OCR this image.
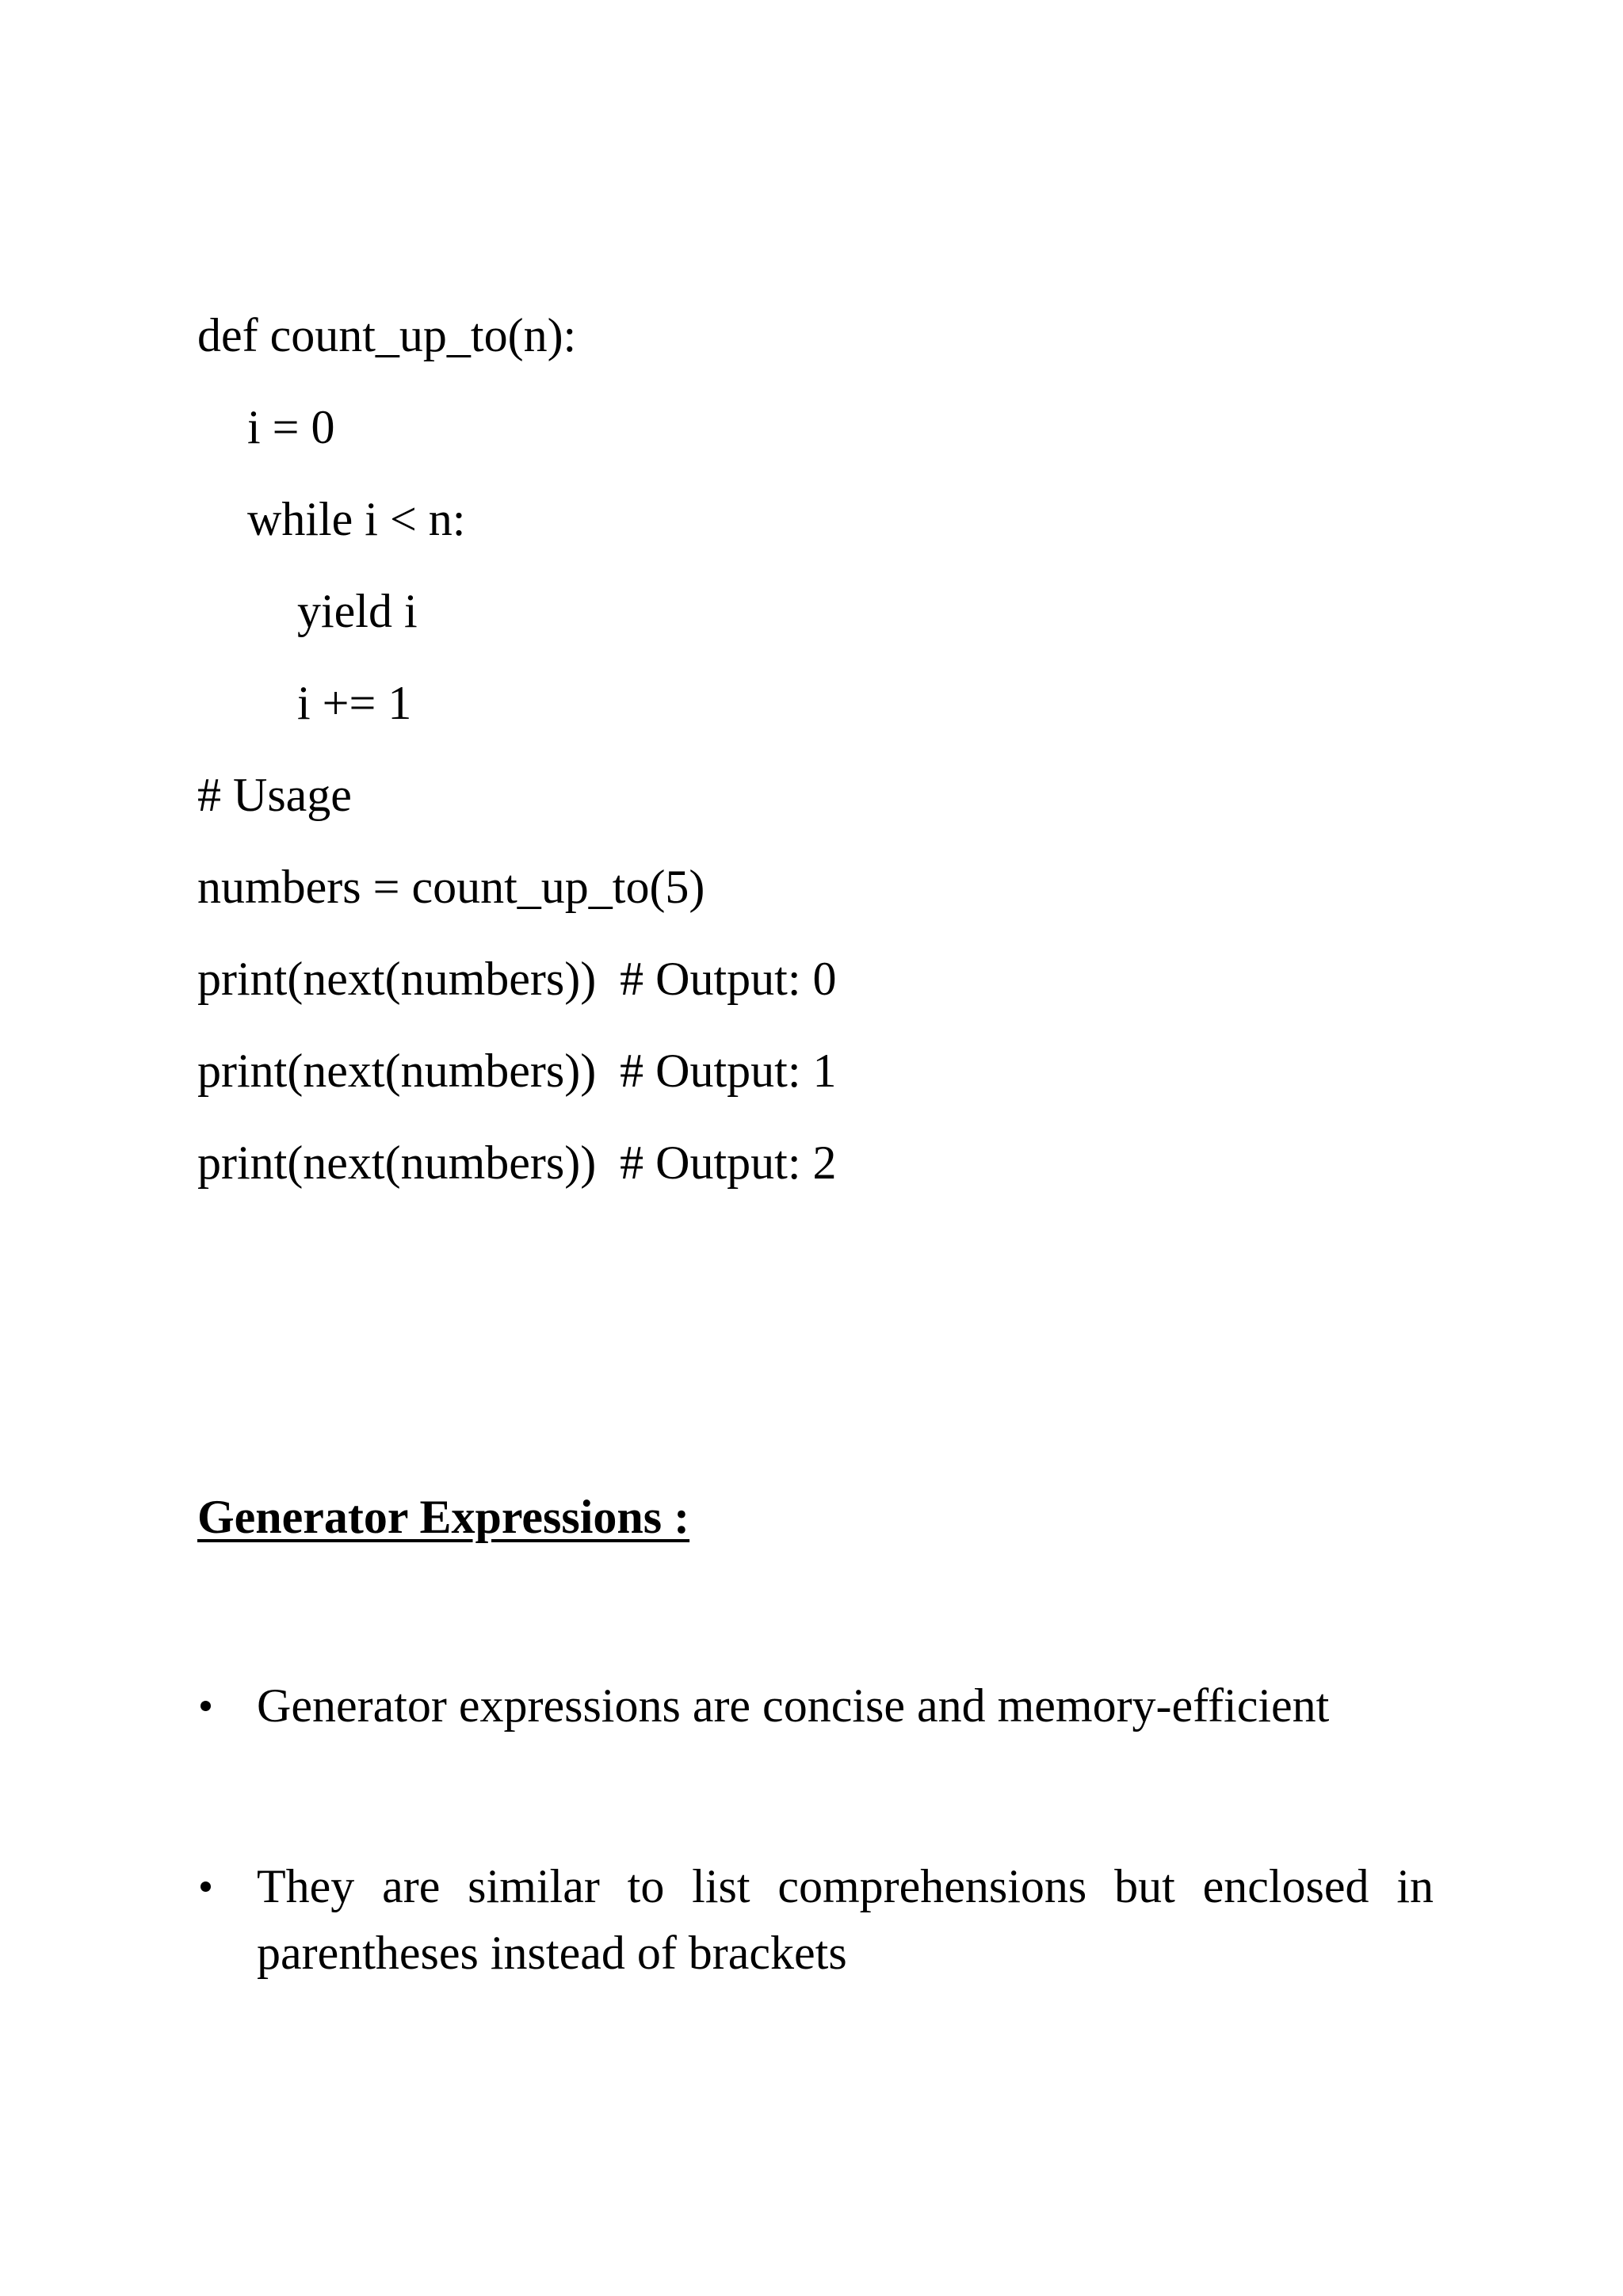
def count_up_to(n):
i = 0
while i < n:
yield i
i += 1
# Usage
numbers = count_up_to(5)
print(next(numbers))  # Output: 0
print(next(numbers))  # Output: 1
print(next(numbers))  # Output: 2
Generator Expressions :
Generator expressions are concise and memory-efficient
They are similar to list comprehensions but enclosed in parentheses instead of brackets
